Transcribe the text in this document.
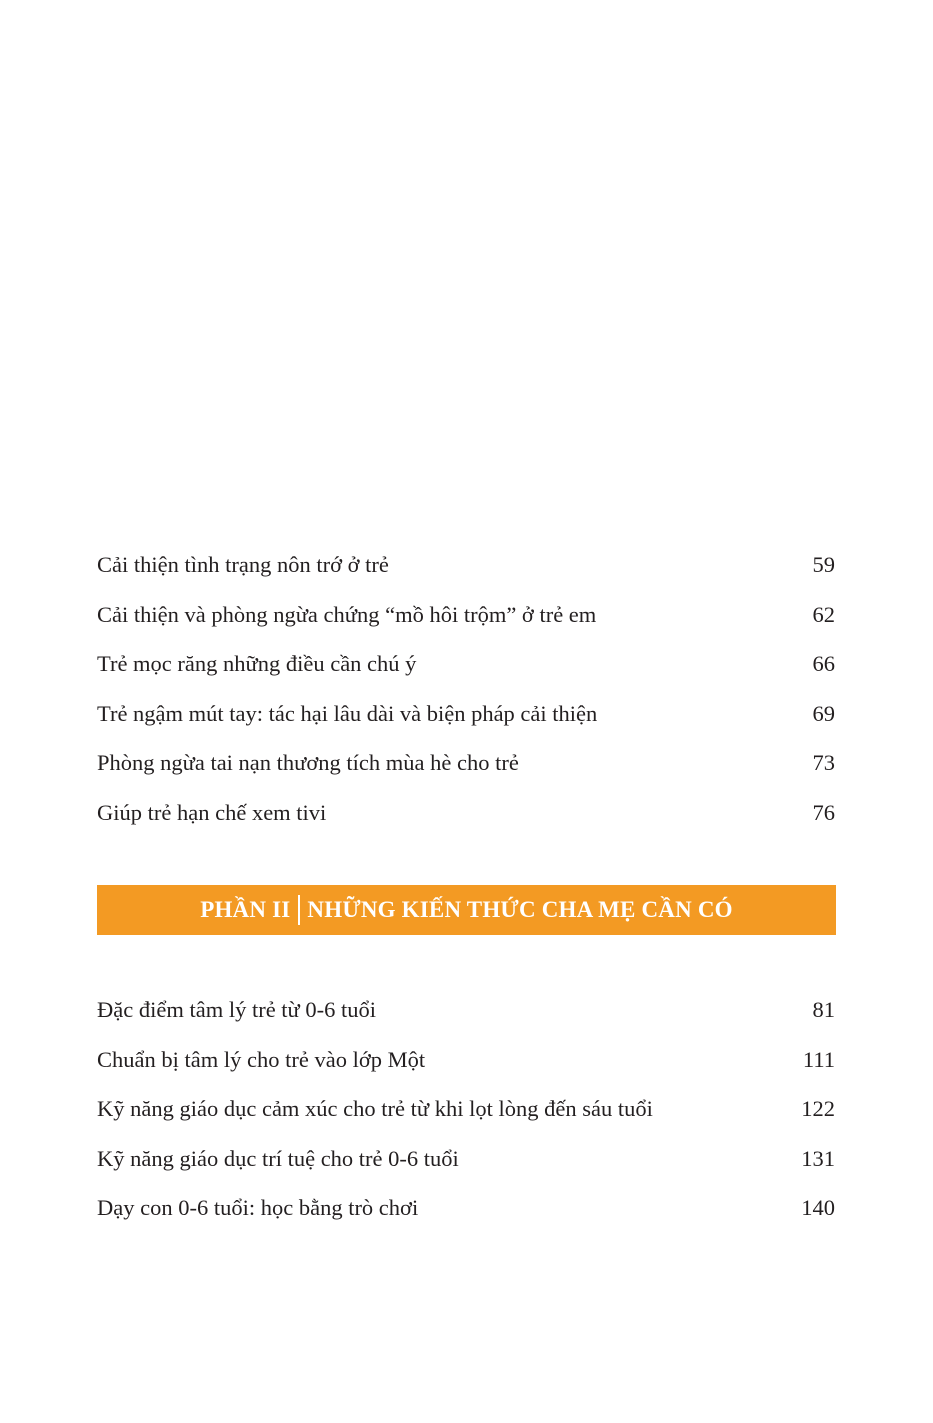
Cải thiện tình trạng nôn trớ ở trẻ	59
Cải thiện và phòng ngừa chứng “mồ hôi trộm” ở trẻ em	62
Trẻ mọc răng những điều cần chú ý	66
Trẻ ngậm mút tay: tác hại lâu dài và biện pháp cải thiện	69
Phòng ngừa tai nạn thương tích mùa hè cho trẻ	73
Giúp trẻ hạn chế xem tivi	76
PHẦN II NHỮNG KIẾN THỨC CHA MẸ CẦN CÓ
Đặc điểm tâm lý trẻ từ 0-6 tuổi	81
Chuẩn bị tâm lý cho trẻ vào lớp Một	111
Kỹ năng giáo dục cảm xúc cho trẻ từ khi lọt lòng đến sáu tuổi	122
Kỹ năng giáo dục trí tuệ cho trẻ 0-6 tuổi	131
Dạy con 0-6 tuổi: học bằng trò chơi	140
